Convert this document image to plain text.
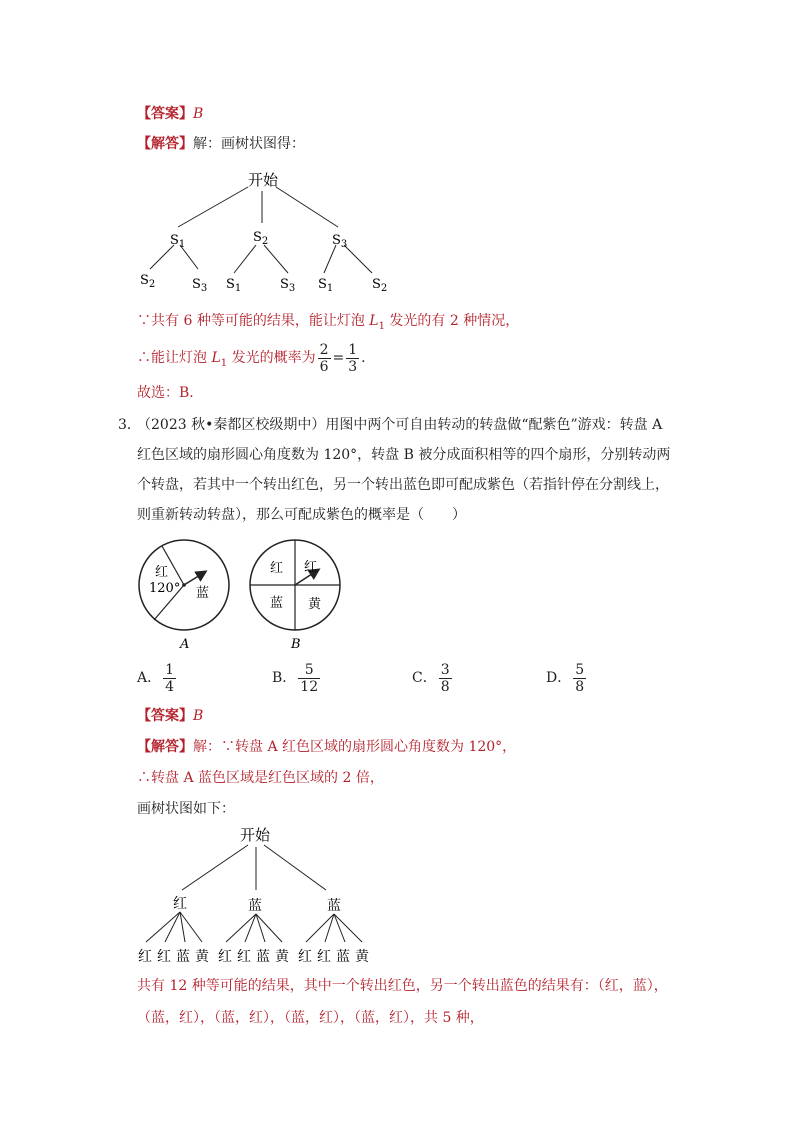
【答案】B
【解答】解：画树状图得：
开始
$S_1$	$S_2$	$S_3$
$S_2$	$S_3$ $S_1$	$S_3$ $S_1$	$S_2$
∵共有 6 种等可能的结果，能让灯泡 $L_1$ 发光的有 2 种情况，
∴能让灯泡 $L_1$ 发光的概率为 $\frac{2}{6} = \frac{1}{3}$ .
故选：B．
3．
（2023 秋•秦都区校级期中）用图中两个可自由转动的转盘做“配紫色”游戏：转盘 A
红色区域的扇形圆心角度数为 120°，转盘 B 被分成面积相等的四个扇形，分别转动两
个转盘，若其中一个转出红色，另一个转出蓝色即可配成紫色（若指针停在分割线上，
则重新转动转盘），那么可配成紫色的概率是（　　）
红
120° 蓝
A
红 红
蓝 黄
B
A． $\frac{1}{4}$	B． $\frac{5}{12}$	C． $\frac{3}{8}$	D． $\frac{5}{8}$
【答案】B
【解答】解：∵转盘 A 红色区域的扇形圆心角度数为 120°，
∴转盘 A 蓝色区域是红色区域的 2 倍，
画树状图如下：
开始
红	蓝	蓝
红 红 蓝 黄 红 红 蓝 黄 红 红 蓝 黄
共有 12 种等可能的结果，其中一个转出红色，另一个转出蓝色的结果有：（红，蓝），
（蓝，红），（蓝，红），（蓝，红），（蓝，红），共 5 种，
